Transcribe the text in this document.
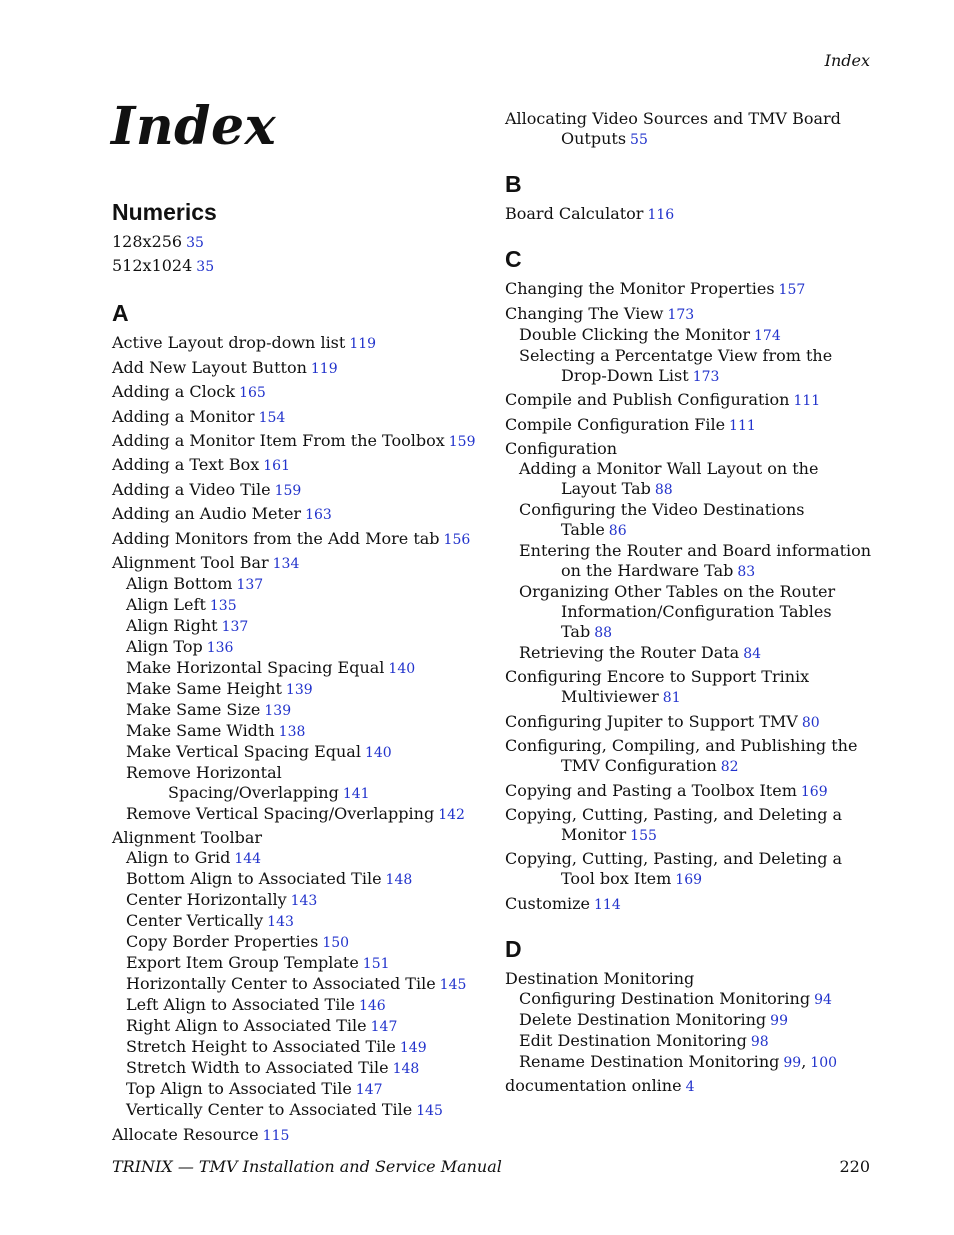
Index
Index
Numerics
128x256 35
512x1024 35
A
Active Layout drop-down list 119
Add New Layout Button 119
Adding a Clock 165
Adding a Monitor 154
Adding a Monitor Item From the Toolbox 159
Adding a Text Box 161
Adding a Video Tile 159
Adding an Audio Meter 163
Adding Monitors from the Add More tab 156
Alignment Tool Bar 134
Align Bottom 137
Align Left 135
Align Right 137
Align Top 136
Make Horizontal Spacing Equal 140
Make Same Height 139
Make Same Size 139
Make Same Width 138
Make Vertical Spacing Equal 140
Remove Horizontal Spacing/Overlapping 141
Remove Vertical Spacing/Overlapping 142
Alignment Toolbar
Align to Grid 144
Bottom Align to Associated Tile 148
Center Horizontally 143
Center Vertically 143
Copy Border Properties 150
Export Item Group Template 151
Horizontally Center to Associated Tile 145
Left Align to Associated Tile 146
Right Align to Associated Tile 147
Stretch Height to Associated Tile 149
Stretch Width to Associated Tile 148
Top Align to Associated Tile 147
Vertically Center to Associated Tile 145
Allocate Resource 115
Allocating Video Sources and TMV Board Outputs 55
B
Board Calculator 116
C
Changing the Monitor Properties 157
Changing The View 173
Double Clicking the Monitor 174
Selecting a Percentatge View from the Drop-Down List 173
Compile and Publish Configuration 111
Compile Configuration File 111
Configuration
Adding a Monitor Wall Layout on the Layout Tab 88
Configuring the Video Destinations Table 86
Entering the Router and Board information on the Hardware Tab 83
Organizing Other Tables on the Router Information/Configuration Tables Tab 88
Retrieving the Router Data 84
Configuring Encore to Support Trinix Multiviewer 81
Configuring Jupiter to Support TMV 80
Configuring, Compiling, and Publishing the TMV Configuration 82
Copying and Pasting a Toolbox Item 169
Copying, Cutting, Pasting, and Deleting a Monitor 155
Copying, Cutting, Pasting, and Deleting a Tool box Item 169
Customize 114
D
Destination Monitoring
Configuring Destination Monitoring 94
Delete Destination Monitoring 99
Edit Destination Monitoring 98
Rename Destination Monitoring 99, 100
documentation online 4
TRINIX — TMV Installation and Service Manual	220
